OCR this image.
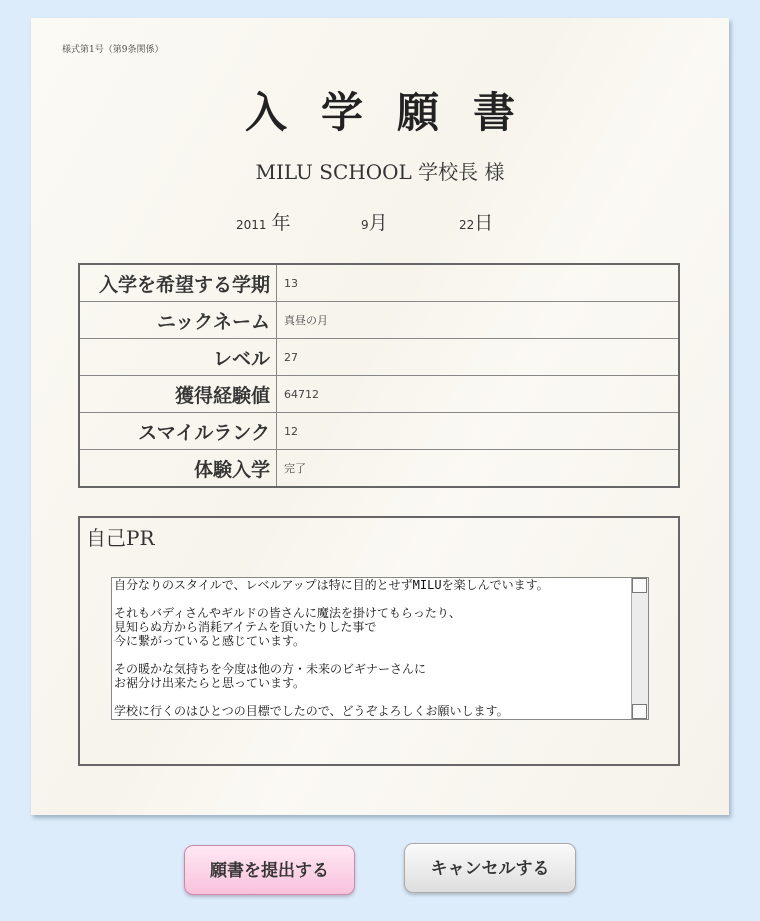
様式第1号（第9条関係）
入学願書
MILU SCHOOL 学校長 様
2011 年	9月	22日
入学を希望する学期	13
ニックネーム	真昼の月
レベル	27
獲得経験値	64712
スマイルランク	12
体験入学	完了
自己PR

自分なりのスタイルで、レベルアップは特に目的とせずMILUを楽しんでいます。

それもバディさんやギルドの皆さんに魔法を掛けてもらったり、
見知らぬ方から消耗アイテムを頂いたりした事で
今に繋がっていると感じています。

その暖かな気持ちを今度は他の方・未来のビギナーさんに
お裾分け出来たらと思っています。

学校に行くのはひとつの目標でしたので、どうぞよろしくお願いします。

願書を提出する	キャンセルする
